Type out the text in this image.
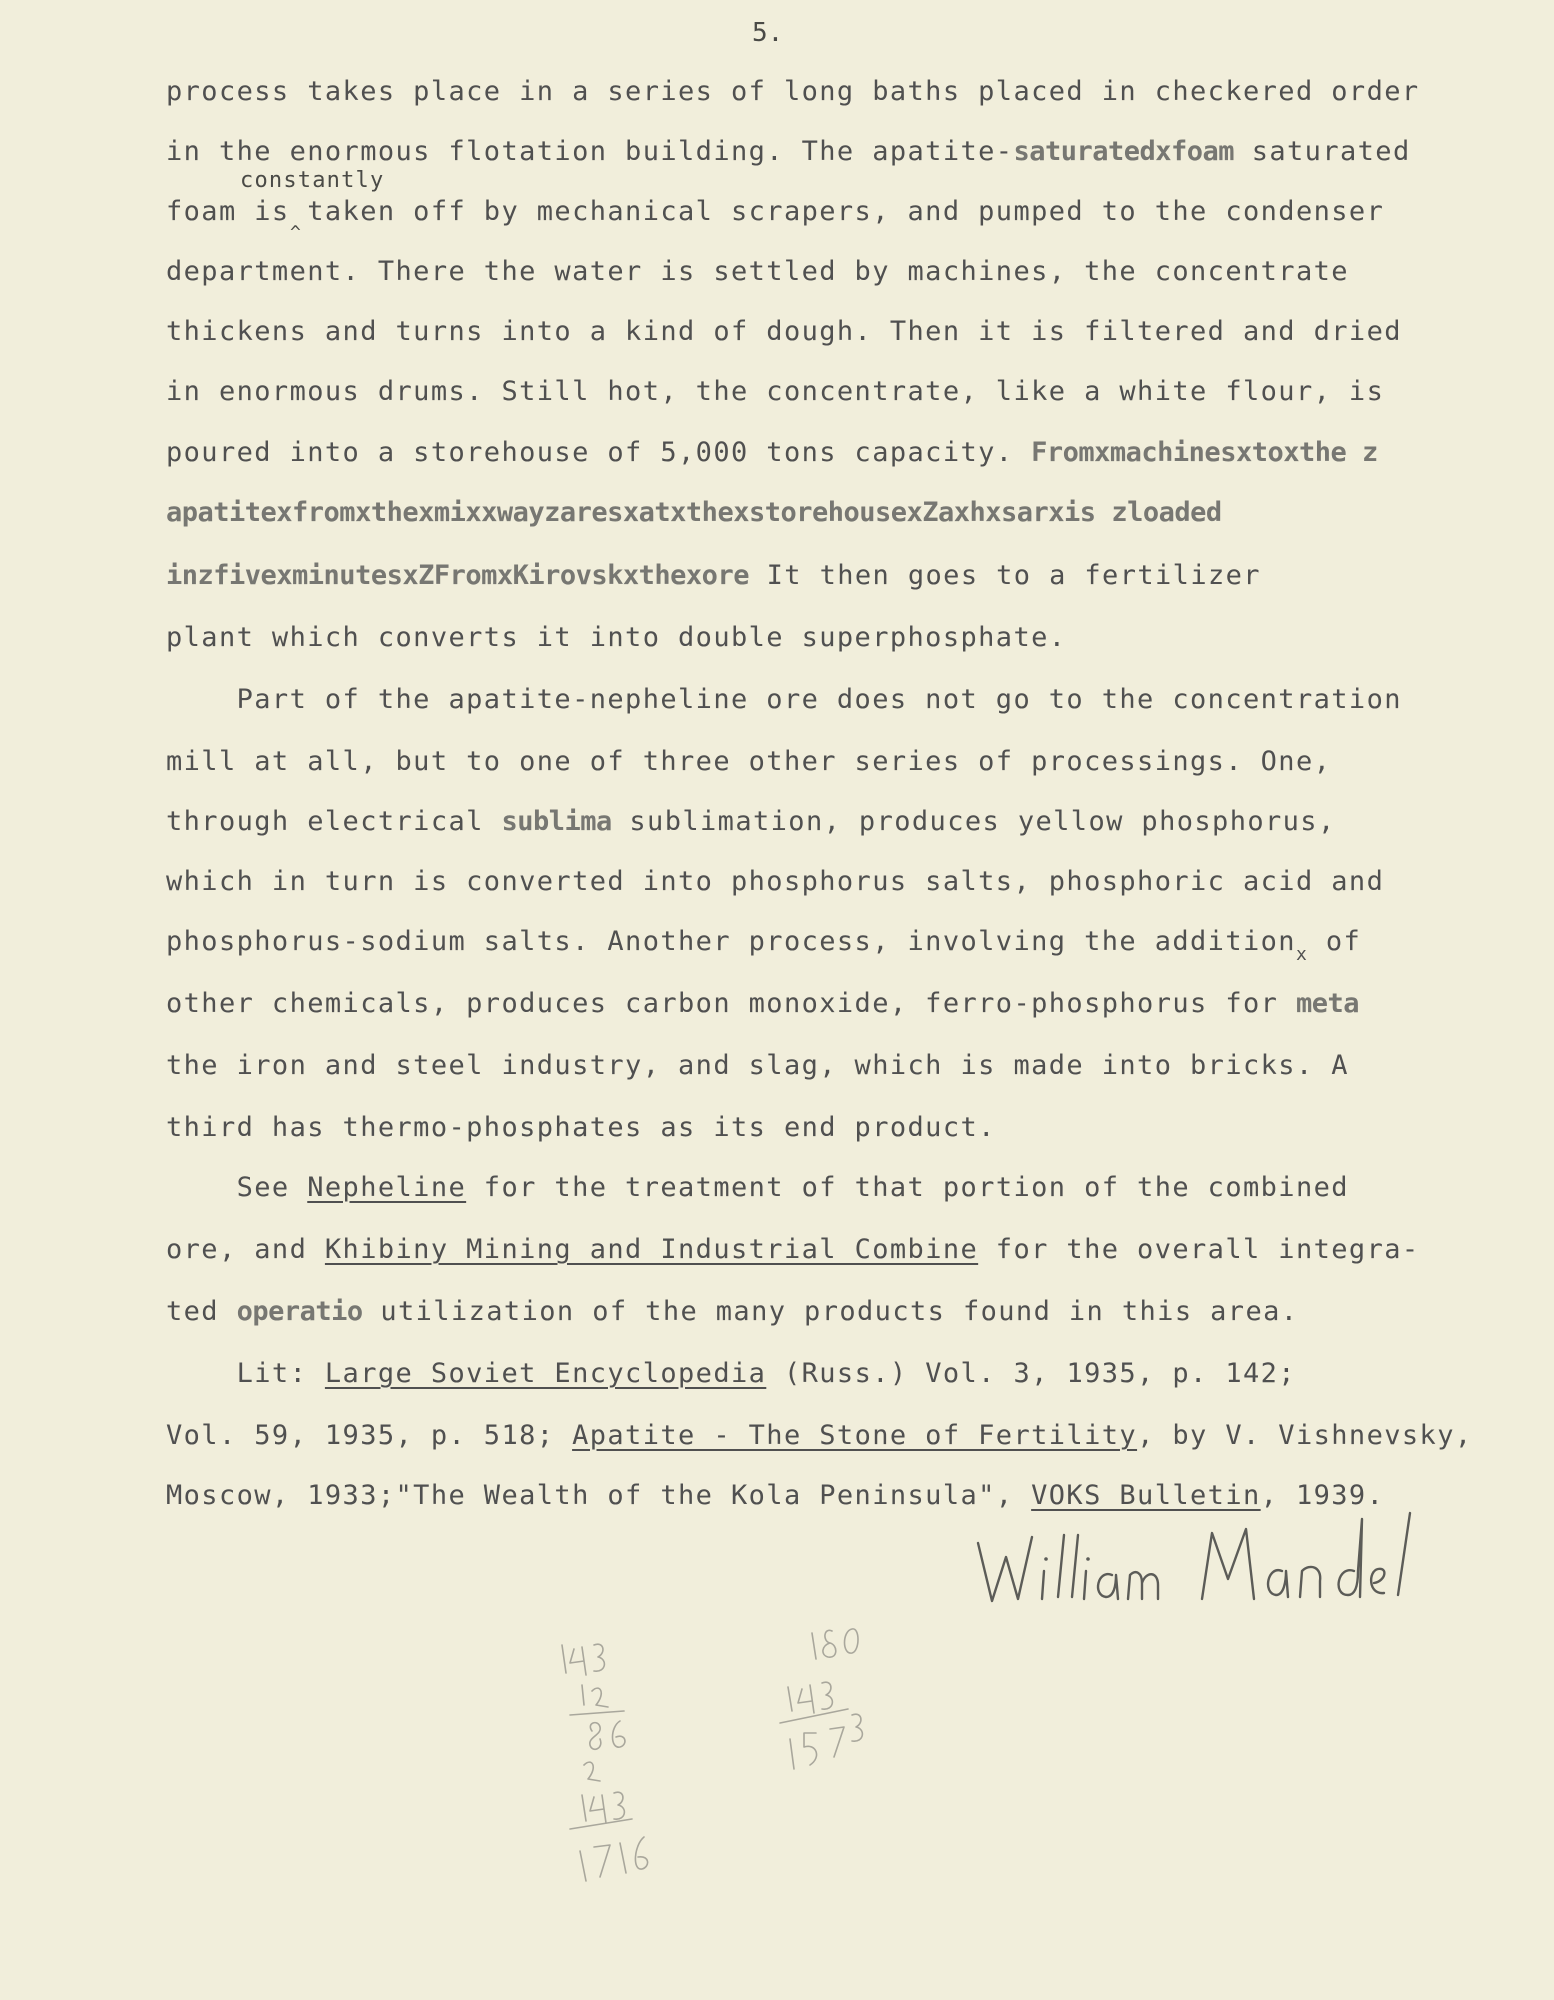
5.
constantly
^
process takes place in a series of long baths placed in checkered order
in the enormous flotation building. The apatite-saturatedxfoam saturated
foam is taken off by mechanical scrapers, and pumped to the condenser
department. There the water is settled by machines, the concentrate
thickens and turns into a kind of dough. Then it is filtered and dried
in enormous drums. Still hot, the concentrate, like a white flour, is
poured into a storehouse of 5,000 tons capacity. Fromxmachinesxtoxthe z
apatitexfromxthexmixxwayzaresxatxthexstorehousexZaxhxsarxis zloaded
inzfivexminutesxZFromxKirovskxthexore It then goes to a fertilizer
plant which converts it into double superphosphate.
Part of the apatite-nepheline ore does not go to the concentration
mill at all, but to one of three other series of processings. One,
through electrical sublima sublimation, produces yellow phosphorus,
which in turn is converted into phosphorus salts, phosphoric acid and
phosphorus-sodium salts. Another process, involving the addition$_x$ of
other chemicals, produces carbon monoxide, ferro-phosphorus for meta
the iron and steel industry, and slag, which is made into bricks. A
third has thermo-phosphates as its end product.
See Nepheline for the treatment of that portion of the combined
ore, and Khibiny Mining and Industrial Combine for the overall integra-
ted operatio utilization of the many products found in this area.
Lit: Large Soviet Encyclopedia (Russ.) Vol. 3, 1935, p. 142;
Vol. 59, 1935, p. 518; Apatite - The Stone of Fertility, by V. Vishnevsky,
Moscow, 1933;"The Wealth of the Kola Peninsula", VOKS Bulletin, 1939.
